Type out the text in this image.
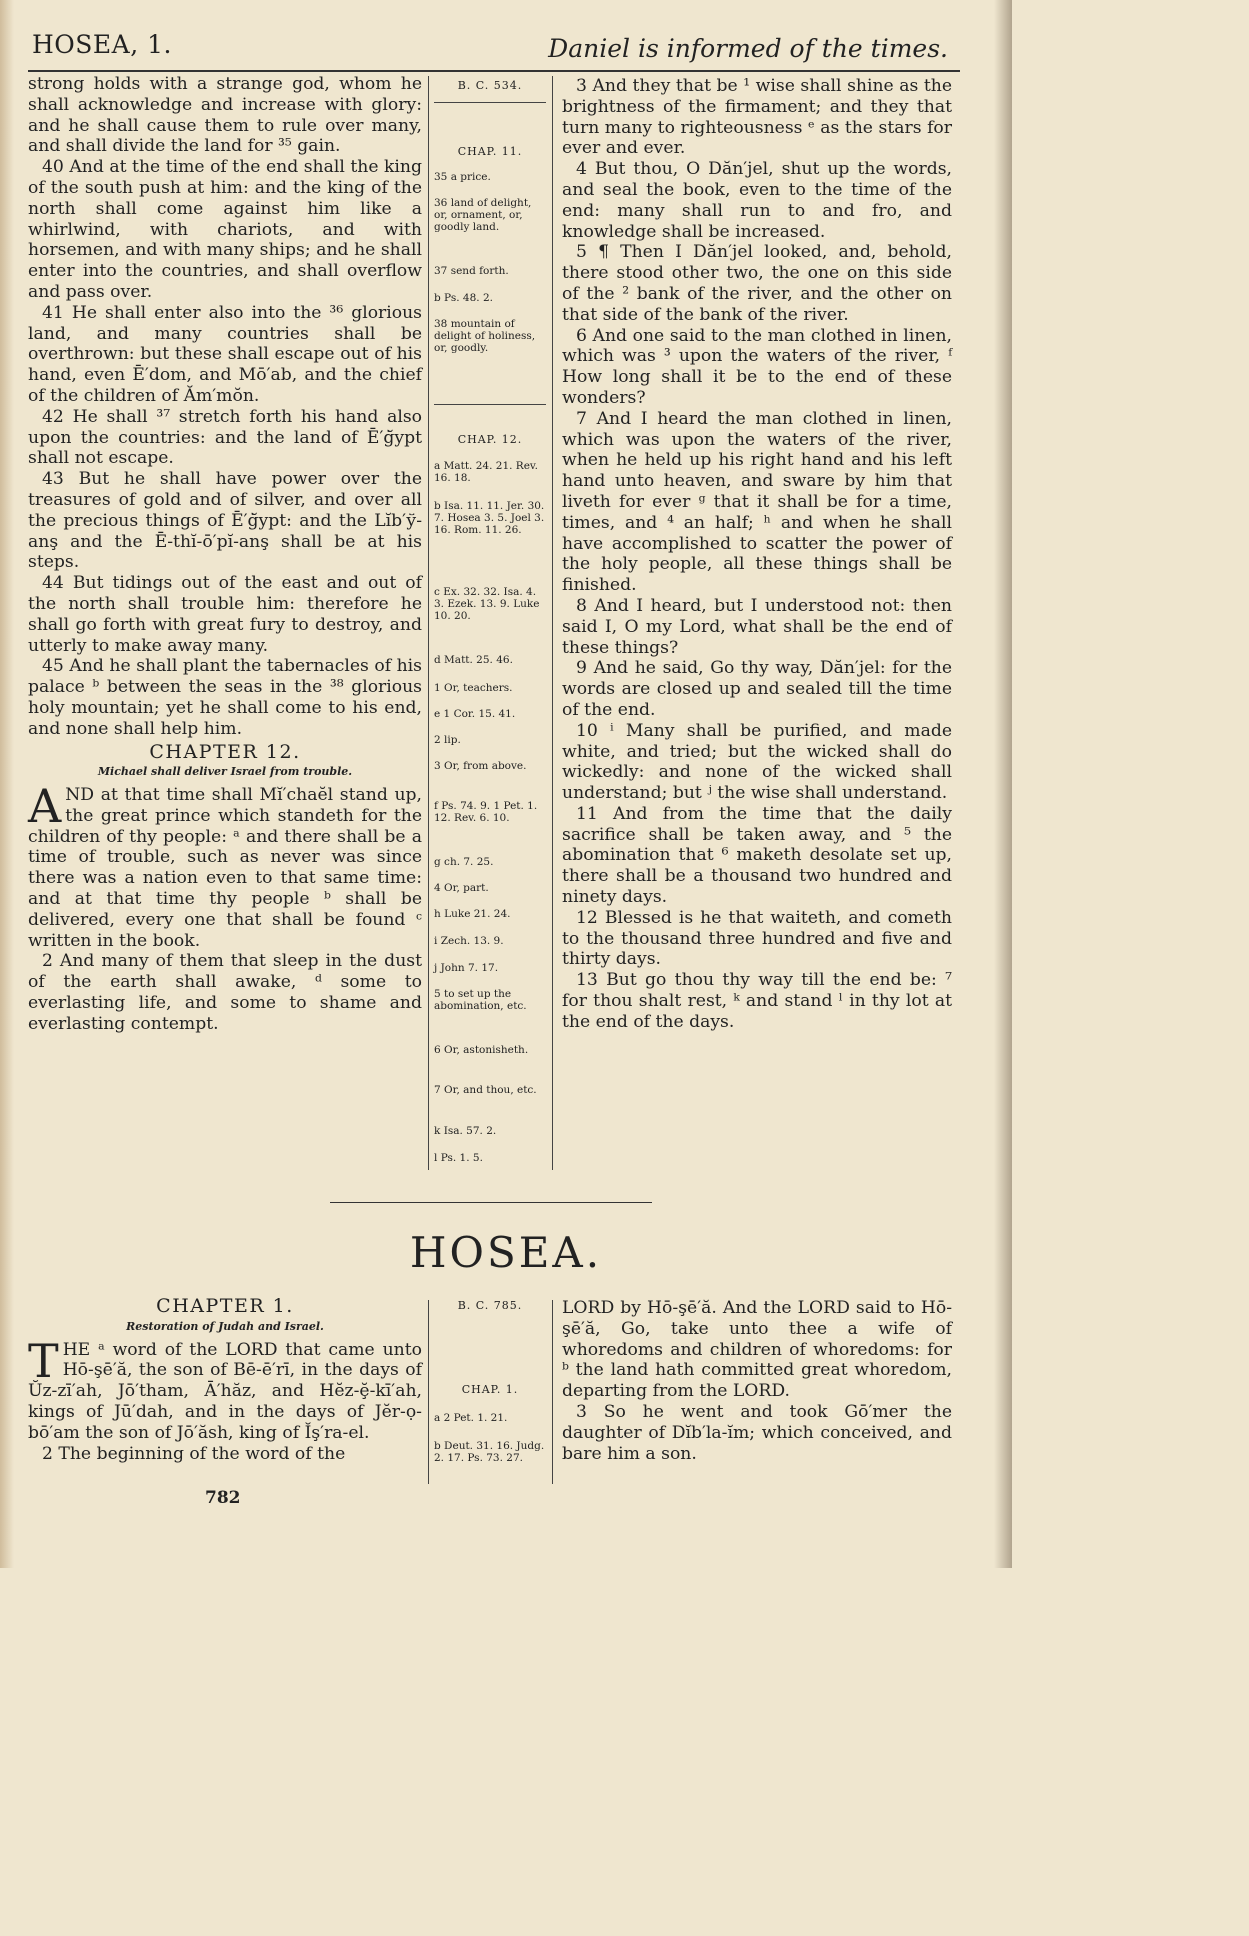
HOSEA, 1.	Daniel is informed of the times.

strong holds with a strange god, whom he shall acknowledge and increase with glory: and he shall cause them to rule over many, and shall divide the land for ³⁵ gain.

40 And at the time of the end shall the king of the south push at him: and the king of the north shall come against him like a whirlwind, with chariots, and with horsemen, and with many ships; and he shall enter into the countries, and shall overflow and pass over.

41 He shall enter also into the ³⁶ glorious land, and many countries shall be overthrown: but these shall escape out of his hand, even Ē′dom, and Mō′ab, and the chief of the children of Ăm′mŏn.

42 He shall ³⁷ stretch forth his hand also upon the countries: and the land of Ē′ġ̆ypt shall not escape.

43 But he shall have power over the treasures of gold and of silver, and over all the precious things of Ē′ġ̆ypt: and the Lĭb′ў-anş and the Ē-thĭ-ō′pĭ-anş shall be at his steps.

44 But tidings out of the east and out of the north shall trouble him: therefore he shall go forth with great fury to destroy, and utterly to make away many.

45 And he shall plant the tabernacles of his palace ᵇ between the seas in the ³⁸ glorious holy mountain; yet he shall come to his end, and none shall help him.

CHAPTER 12.
Michael shall deliver Israel from trouble.

AND at that time shall Mĭ′chaĕl stand up, the great prince which standeth for the children of thy people: ᵃ and there shall be a time of trouble, such as never was since there was a nation even to that same time: and at that time thy people ᵇ shall be delivered, every one that shall be found ᶜ written in the book.

2 And many of them that sleep in the dust of the earth shall awake, ᵈ some to everlasting life, and some to shame and everlasting contempt.

B. C. 534.
CHAP. 11.
35 a price.
36 land of delight, or, ornament, or, goodly land.
37 send forth.
b Ps. 48. 2.
38 mountain of delight of holiness, or, goodly.
CHAP. 12.
a Matt. 24. 21. Rev. 16. 18.
b Isa. 11. 11. Jer. 30. 7. Hosea 3. 5. Joel 3. 16. Rom. 11. 26.
c Ex. 32. 32. Isa. 4. 3. Ezek. 13. 9. Luke 10. 20.
d Matt. 25. 46.
1 Or, teachers.
e 1 Cor. 15. 41.
2 lip.
3 Or, from above.
f Ps. 74. 9. 1 Pet. 1. 12. Rev. 6. 10.
g ch. 7. 25.
4 Or, part.
h Luke 21. 24.
i Zech. 13. 9.
j John 7. 17.
5 to set up the abomination, etc.
6 Or, astonisheth.
7 Or, and thou, etc.
k Isa. 57. 2.
l Ps. 1. 5.

3 And they that be ¹ wise shall shine as the brightness of the firmament; and they that turn many to righteousness ᵉ as the stars for ever and ever.

4 But thou, O Dăn′jel, shut up the words, and seal the book, even to the time of the end: many shall run to and fro, and knowledge shall be increased.

5 ¶ Then I Dăn′jel looked, and, behold, there stood other two, the one on this side of the ² bank of the river, and the other on that side of the bank of the river.

6 And one said to the man clothed in linen, which was ³ upon the waters of the river, ᶠ How long shall it be to the end of these wonders?

7 And I heard the man clothed in linen, which was upon the waters of the river, when he held up his right hand and his left hand unto heaven, and sware by him that liveth for ever ᵍ that it shall be for a time, times, and ⁴ an half; ʰ and when he shall have accomplished to scatter the power of the holy people, all these things shall be finished.

8 And I heard, but I understood not: then said I, O my Lord, what shall be the end of these things?

9 And he said, Go thy way, Dăn′jel: for the words are closed up and sealed till the time of the end.

10 ⁱ Many shall be purified, and made white, and tried; but the wicked shall do wickedly: and none of the wicked shall understand; but ʲ the wise shall understand.

11 And from the time that the daily sacrifice shall be taken away, and ⁵ the abomination that ⁶ maketh desolate set up, there shall be a thousand two hundred and ninety days.

12 Blessed is he that waiteth, and cometh to the thousand three hundred and five and thirty days.

13 But go thou thy way till the end be: ⁷ for thou shalt rest, ᵏ and stand ˡ in thy lot at the end of the days.

HOSEA.
CHAPTER 1.
Restoration of Judah and Israel.

THE ᵃ word of the LORD that came unto Hō-şē′ă, the son of Bē-ē′rī, in the days of Ŭz-zī′ah, Jō′tham, Ā′hăz, and Hĕz-ḝ-kī′ah, kings of Jū′dah, and in the days of Jĕr-ọ-bō′am the son of Jō′ăsh, king of Ĭş′ra-el.

2 The beginning of the word of the

B. C. 785.
CHAP. 1.
a 2 Pet. 1. 21.
b Deut. 31. 16. Judg. 2. 17. Ps. 73. 27.

LORD by Hō-şē′ă. And the LORD said to Hō-şē′ă, Go, take unto thee a wife of whoredoms and children of whoredoms: for ᵇ the land hath committed great whoredom, departing from the LORD.

3 So he went and took Gō′mer the daughter of Dĭb′la-ĭm; which conceived, and bare him a son.

782
